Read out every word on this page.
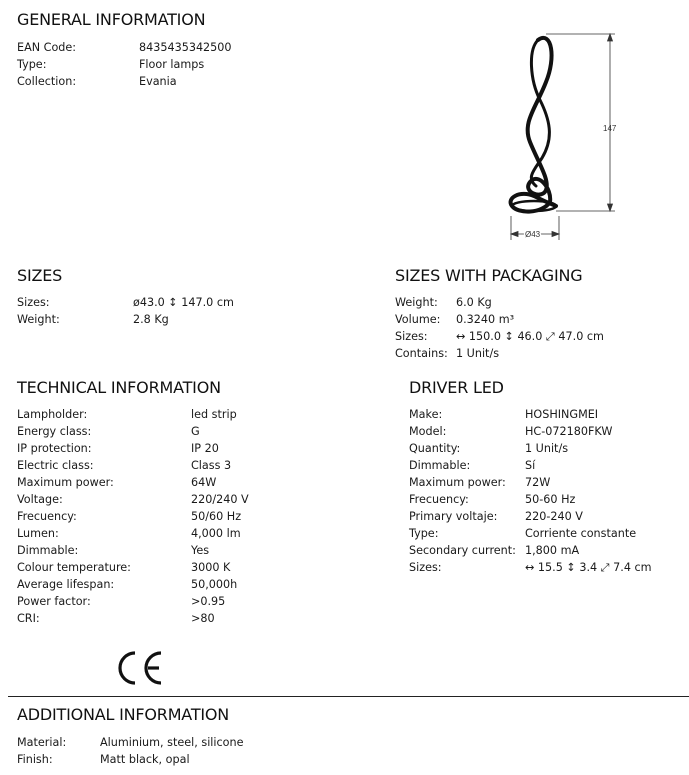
GENERAL INFORMATION
EAN Code:	8435435342500
Type:	Floor lamps
Collection:	Evania
147
Ø43
SIZES
Sizes:	ø43.0 ↕ 147.0 cm
Weight:	2.8 Kg
SIZES WITH PACKAGING
Weight:	6.0 Kg
Volume:	0.3240 m³
Sizes:	↔ 150.0 ↕ 46.0 ⤢ 47.0 cm
Contains: 1 Unit/s
TECHNICAL INFORMATION
Lampholder:	led strip
Energy class:	G
IP protection:	IP 20
Electric class:	Class 3
Maximum power:	64W
Voltage:	220/240 V
Frecuency:	50/60 Hz
Lumen:	4,000 lm
Dimmable:	Yes
Colour temperature:	3000 K
Average lifespan:	50,000h
Power factor:	>0.95
CRI:	>80
DRIVER LED
Make:	HOSHINGMEI
Model:	HC-072180FKW
Quantity:	1 Unit/s
Dimmable:	Sí
Maximum power:	72W
Frecuency:	50-60 Hz
Primary voltaje:	220-240 V
Type:	Corriente constante
Secondary current: 1,800 mA
Sizes:	↔ 15.5 ↕ 3.4 ⤢ 7.4 cm
ADDITIONAL INFORMATION
Material:	Aluminium, steel, silicone
Finish:	Matt black, opal
